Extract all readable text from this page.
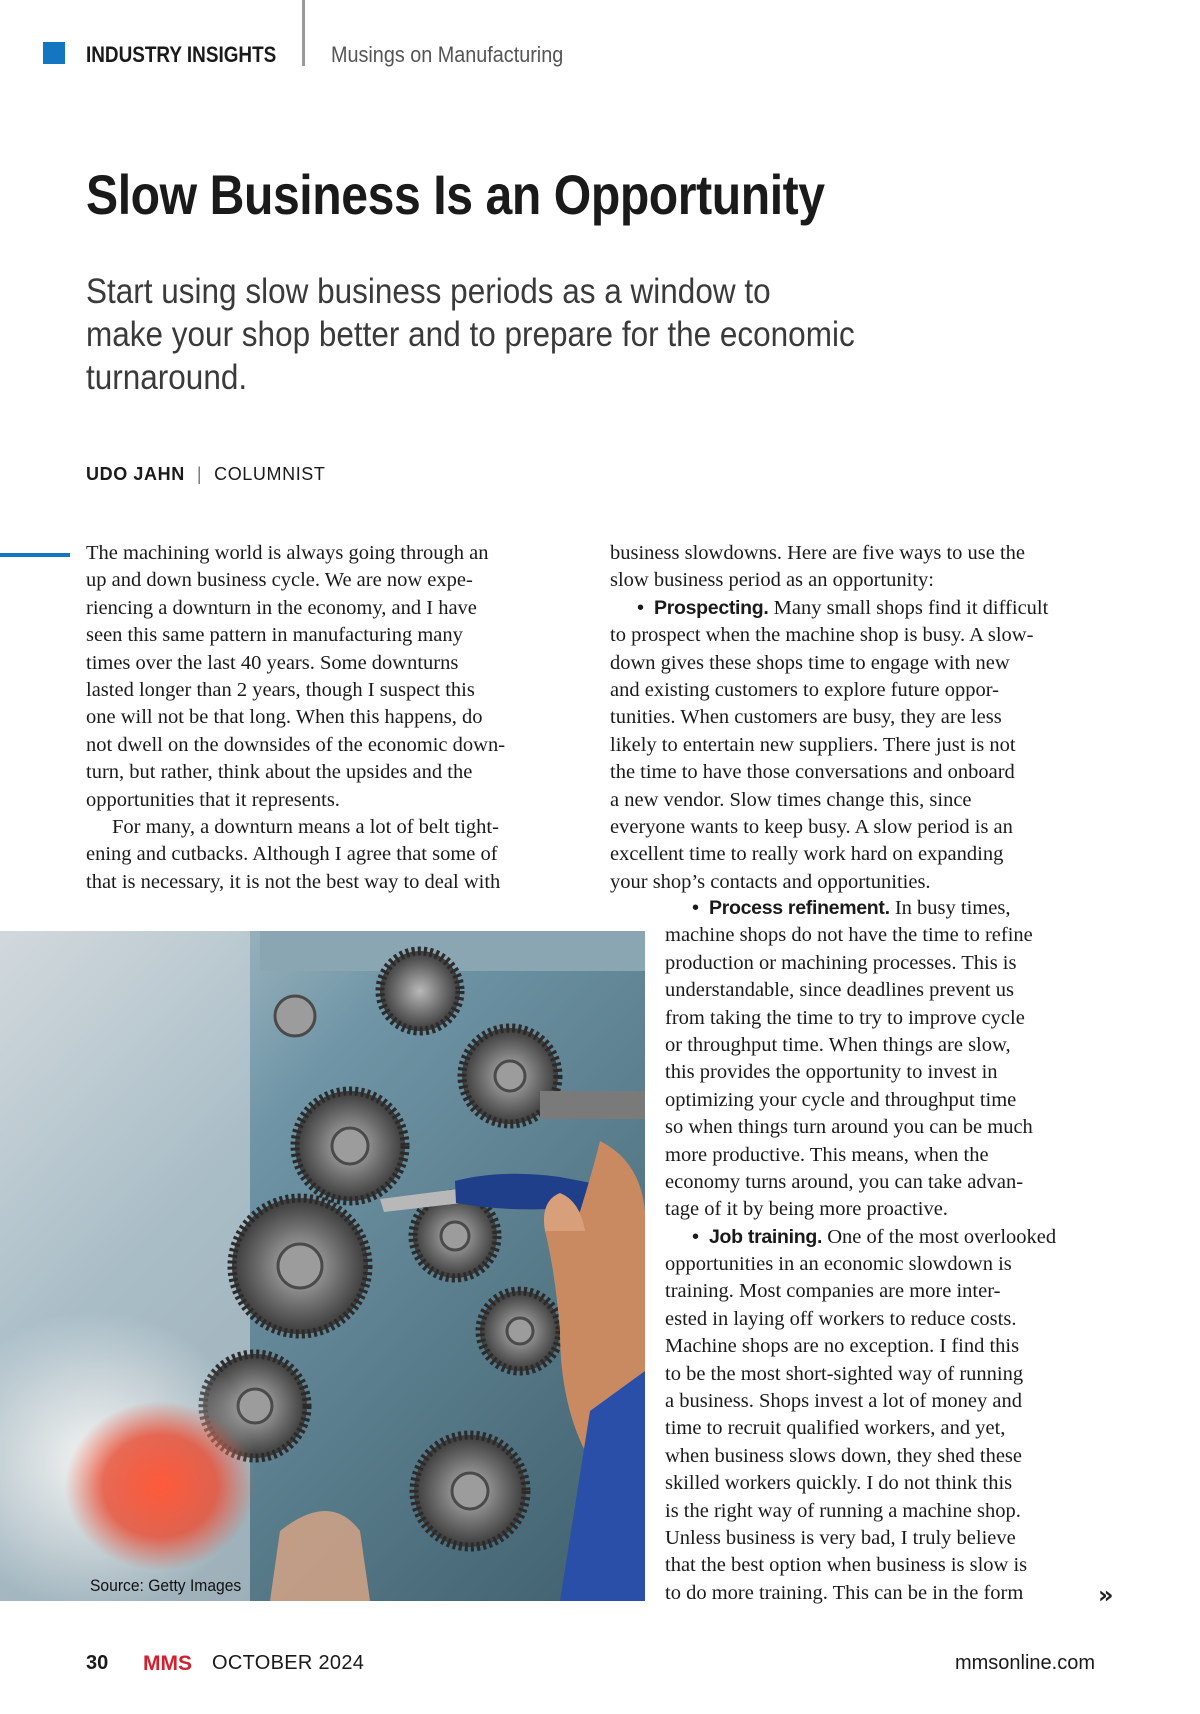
INDUSTRY INSIGHTS Musings on Manufacturing
Slow Business Is an Opportunity
Start using slow business periods as a window to
make your shop better and to prepare for the economic
turnaround.
UDO JAHN | COLUMNIST
The machining world is always going through an
up and down business cycle. We are now expe-
riencing a downturn in the economy, and I have
seen this same pattern in manufacturing many
times over the last 40 years. Some downturns
lasted longer than 2 years, though I suspect this
one will not be that long. When this happens, do
not dwell on the downsides of the economic down-
turn, but rather, think about the upsides and the
opportunities that it represents.
For many, a downturn means a lot of belt tight-
ening and cutbacks. Although I agree that some of
that is necessary, it is not the best way to deal with
business slowdowns. Here are five ways to use the
slow business period as an opportunity:
• Prospecting. Many small shops find it difficult
to prospect when the machine shop is busy. A slow-
down gives these shops time to engage with new
and existing customers to explore future oppor-
tunities. When customers are busy, they are less
likely to entertain new suppliers. There just is not
the time to have those conversations and onboard
a new vendor. Slow times change this, since
everyone wants to keep busy. A slow period is an
excellent time to really work hard on expanding
your shop’s contacts and opportunities.
• Process refinement. In busy times,
machine shops do not have the time to refine
production or machining processes. This is
understandable, since deadlines prevent us
from taking the time to try to improve cycle
or throughput time. When things are slow,
this provides the opportunity to invest in
optimizing your cycle and throughput time
so when things turn around you can be much
more productive. This means, when the
economy turns around, you can take advan-
tage of it by being more proactive.
• Job training. One of the most overlooked
opportunities in an economic slowdown is
training. Most companies are more inter-
ested in laying off workers to reduce costs.
Machine shops are no exception. I find this
to be the most short-sighted way of running
a business. Shops invest a lot of money and
time to recruit qualified workers, and yet,
when business slows down, they shed these
skilled workers quickly. I do not think this
is the right way of running a machine shop.
Unless business is very bad, I truly believe
that the best option when business is slow is
to do more training. This can be in the form
Source: Getty Images	»
30 MMS OCTOBER 2024	mmsonline.com
